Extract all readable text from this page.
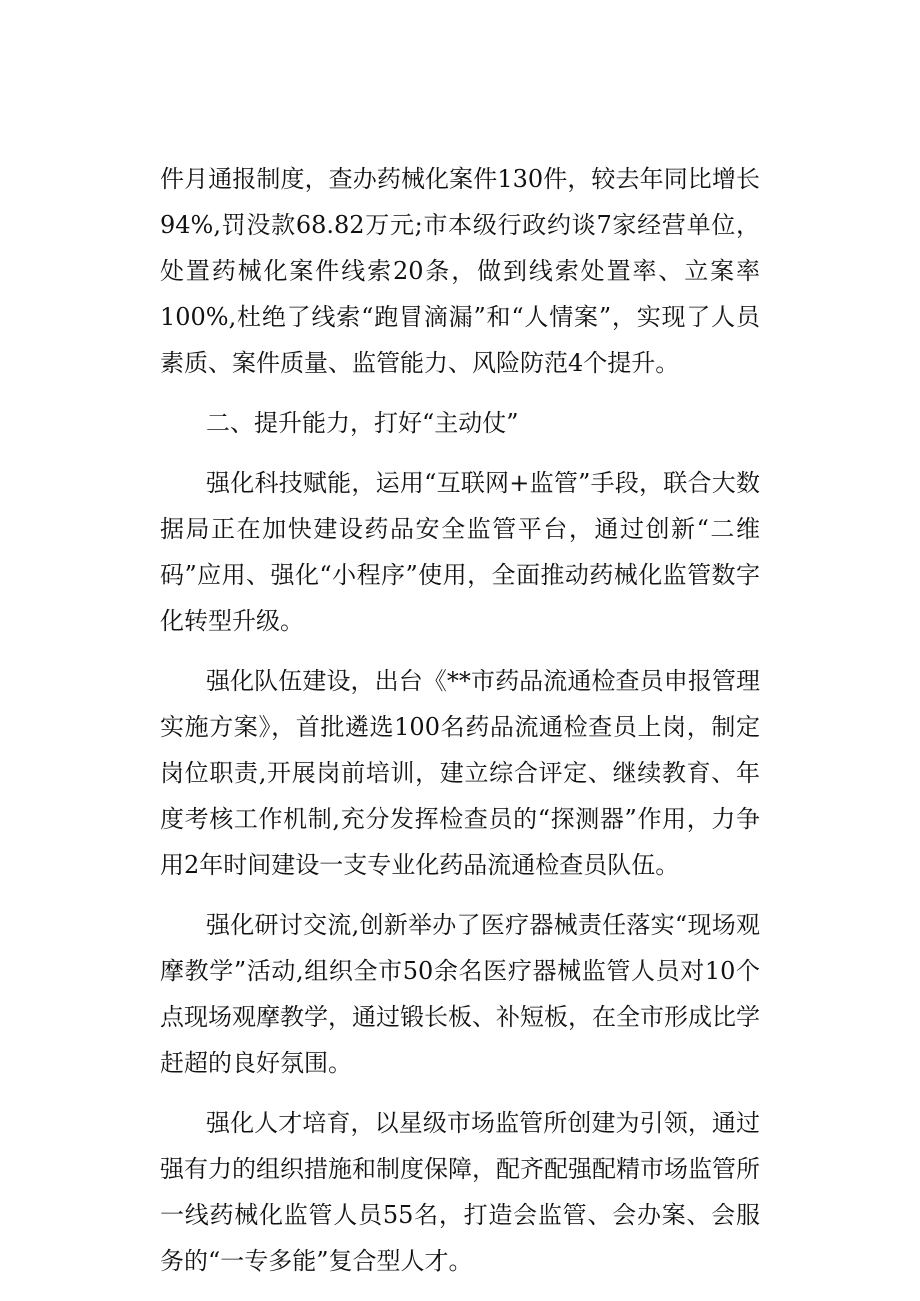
件月通报制度，查办药械化案件130件，较去年同比增长94%,罚没款68.82万元;市本级行政约谈7家经营单位，处置药械化案件线索20条，做到线索处置率、立案率100%,杜绝了线索“跑冒滴漏”和“人情案”，实现了人员素质、案件质量、监管能力、风险防范4个提升。

二、提升能力，打好“主动仗”

强化科技赋能，运用“互联网+监管”手段，联合大数据局正在加快建设药品安全监管平台，通过创新“二维码”应用、强化“小程序”使用，全面推动药械化监管数字化转型升级。

强化队伍建设，出台《**市药品流通检查员申报管理实施方案》，首批遴选100名药品流通检查员上岗，制定岗位职责,开展岗前培训，建立综合评定、继续教育、年度考核工作机制,充分发挥检查员的“探测器”作用，力争用2年时间建设一支专业化药品流通检查员队伍。

强化研讨交流,创新举办了医疗器械责任落实“现场观摩教学”活动,组织全市50余名医疗器械监管人员对10个点现场观摩教学，通过锻长板、补短板，在全市形成比学赶超的良好氛围。

强化人才培育，以星级市场监管所创建为引领，通过强有力的组织措施和制度保障，配齐配强配精市场监管所一线药械化监管人员55名，打造会监管、会办案、会服务的“一专多能”复合型人才。
